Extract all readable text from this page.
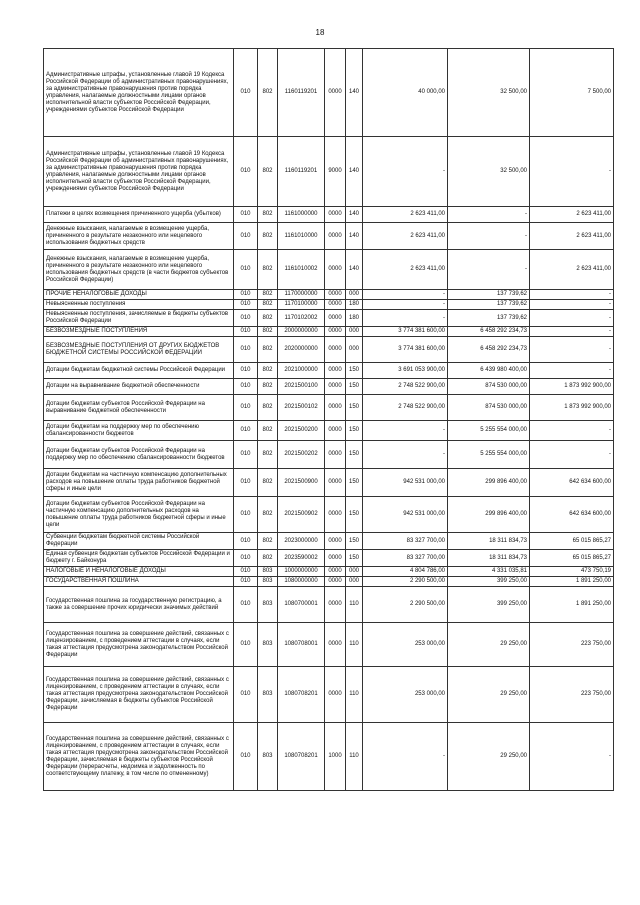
18
Административные штрафы, установленные главой 19 Кодекса Российской Федерации об административных правонарушениях, за административные правонарушения против порядка управления, налагаемые должностными лицами органов исполнительной власти субъектов Российской Федерации, учреждениями субъектов Российской Федерации	010	802	1160119201	0000	140	40 000,00	32 500,00	7 500,00
Административные штрафы, установленные главой 19 Кодекса Российской Федерации об административных правонарушениях, за административные правонарушения против порядка управления, налагаемые должностными лицами органов исполнительной власти субъектов Российской Федерации, учреждениями субъектов Российской Федерации	010	802	1160119201	9000	140	-	32 500,00	-
Платежи в целях возмещения причиненного ущерба (убытков)	010	802	1161000000	0000	140	2 623 411,00	-	2 623 411,00
Денежные взыскания, налагаемые в возмещение ущерба, причиненного в результате незаконного или нецелевого использования бюджетных средств	010	802	1161010000	0000	140	2 623 411,00	-	2 623 411,00
Денежные взыскания, налагаемые в возмещение ущерба, причиненного в результате незаконного или нецелевого использования бюджетных средств (в части бюджетов субъектов Российской Федерации)	010	802	1161010002	0000	140	2 623 411,00	-	2 623 411,00
ПРОЧИЕ НЕНАЛОГОВЫЕ ДОХОДЫ	010	802	1170000000	0000	000	-	137 739,62	-
Невыясненные поступления	010	802	1170100000	0000	180	-	137 739,62	-
Невыясненные поступления, зачисляемые в бюджеты субъектов Российской Федерации	010	802	1170102002	0000	180	-	137 739,62	-
БЕЗВОЗМЕЗДНЫЕ ПОСТУПЛЕНИЯ	010	802	2000000000	0000	000	3 774 381 600,00	6 458 292 234,73	-
БЕЗВОЗМЕЗДНЫЕ ПОСТУПЛЕНИЯ ОТ ДРУГИХ БЮДЖЕТОВ БЮДЖЕТНОЙ СИСТЕМЫ РОССИЙСКОЙ ФЕДЕРАЦИИ	010	802	2020000000	0000	000	3 774 381 600,00	6 458 292 234,73	-
Дотации бюджетам бюджетной системы Российской Федерации	010	802	2021000000	0000	150	3 691 053 900,00	6 439 980 400,00	-
Дотации на выравнивание бюджетной обеспеченности	010	802	2021500100	0000	150	2 748 522 900,00	874 530 000,00	1 873 992 900,00
Дотации бюджетам субъектов Российской Федерации на выравнивание бюджетной обеспеченности	010	802	2021500102	0000	150	2 748 522 900,00	874 530 000,00	1 873 992 900,00
Дотации бюджетам на поддержку мер по обеспечению сбалансированности бюджетов	010	802	2021500200	0000	150	-	5 255 554 000,00	-
Дотации бюджетам субъектов Российской Федерации на поддержку мер по обеспечению сбалансированности бюджетов	010	802	2021500202	0000	150	-	5 255 554 000,00	-
Дотации бюджетам на частичную компенсацию дополнительных расходов на повышение оплаты труда работников бюджетной сферы и иные цели	010	802	2021500900	0000	150	942 531 000,00	299 896 400,00	642 634 600,00
Дотации бюджетам субъектов Российской Федерации на частичную компенсацию дополнительных расходов на повышение оплаты труда работников бюджетной сферы и иные цели	010	802	2021500902	0000	150	942 531 000,00	299 896 400,00	642 634 600,00
Субвенции бюджетам бюджетной системы Российской Федерации	010	802	2023000000	0000	150	83 327 700,00	18 311 834,73	65 015 865,27
Единая субвенция бюджетам субъектов Российской Федерации и бюджету г. Байконура	010	802	2023590002	0000	150	83 327 700,00	18 311 834,73	65 015 865,27
НАЛОГОВЫЕ И НЕНАЛОГОВЫЕ ДОХОДЫ	010	803	1000000000	0000	000	4 804 786,00	4 331 035,81	473 750,19
ГОСУДАРСТВЕННАЯ ПОШЛИНА	010	803	1080000000	0000	000	2 290 500,00	399 250,00	1 891 250,00
Государственная пошлина за государственную регистрацию, а также за совершение прочих юридически значимых действий	010	803	1080700001	0000	110	2 290 500,00	399 250,00	1 891 250,00
Государственная пошлина за совершение действий, связанных с лицензированием, с проведением аттестации в случаях, если такая аттестация предусмотрена законодательством Российской Федерации	010	803	1080708001	0000	110	253 000,00	29 250,00	223 750,00
Государственная пошлина за совершение действий, связанных с лицензированием, с проведением аттестации в случаях, если такая аттестация предусмотрена законодательством Российской Федерации, зачисляемая в бюджеты субъектов Российской Федерации	010	803	1080708201	0000	110	253 000,00	29 250,00	223 750,00
Государственная пошлина за совершение действий, связанных с лицензированием, с проведением аттестации в случаях, если такая аттестация предусмотрена законодательством Российской Федерации, зачисляемая в бюджеты субъектов Российской Федерации (перерасчеты, недоимка и задолженность по соответствующему платежу, в том числе по отмененному)	010	803	1080708201	1000	110	-	29 250,00	-
